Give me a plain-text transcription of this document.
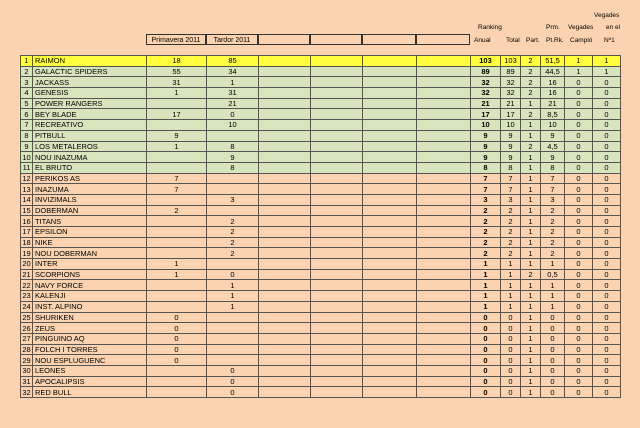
Vegades
Ranking	en el
Prm. Vegades
Anual Total Part. Pt.Rk. Campió Nº1
Primavera 2011	Tardor 2011
1	RAIMON	18	85					103	103	2	51,5	1	1
2	GALACTIC SPIDERS	55	34					89	89	2	44,5	1	1
3	JACKASS	31	1					32	32	2	16	0	0
4	GENESIS	1	31					32	32	2	16	0	0
5	POWER RANGERS		21					21	21	1	21	0	0
6	BEY BLADE	17	0					17	17	2	8,5	0	0
7	RECREATIVO		10					10	10	1	10	0	0
8	PITBULL	9						9	9	1	9	0	0
9	LOS METALEROS	1	8					9	9	2	4,5	0	0
10	NOU INAZUMA		9					9	9	1	9	0	0
11	EL BRUTO		8					8	8	1	8	0	0
12	PERIKOS AS	7						7	7	1	7	0	0
13	INAZUMA	7						7	7	1	7	0	0
14	INVIZIMALS		3					3	3	1	3	0	0
15	DOBERMAN	2						2	2	1	2	0	0
16	TITANS		2					2	2	1	2	0	0
17	EPSILON		2					2	2	1	2	0	0
18	NIKE		2					2	2	1	2	0	0
19	NOU DOBERMAN		2					2	2	1	2	0	0
20	INTER	1						1	1	1	1	0	0
21	SCORPIONS	1	0					1	1	2	0,5	0	0
22	NAVY FORCE		1					1	1	1	1	0	0
23	KALENJI		1					1	1	1	1	0	0
24	INST. ALPINO		1					1	1	1	1	0	0
25	SHURIKEN	0						0	0	1	0	0	0
26	ZEUS	0						0	0	1	0	0	0
27	PINGUINO AQ	0						0	0	1	0	0	0
28	FOLCH I TORRES	0						0	0	1	0	0	0
29	NOU ESPLUGUENC	0						0	0	1	0	0	0
30	LEONES		0					0	0	1	0	0	0
31	APOCALIPSIS		0					0	0	1	0	0	0
32	RED BULL		0					0	0	1	0	0	0
